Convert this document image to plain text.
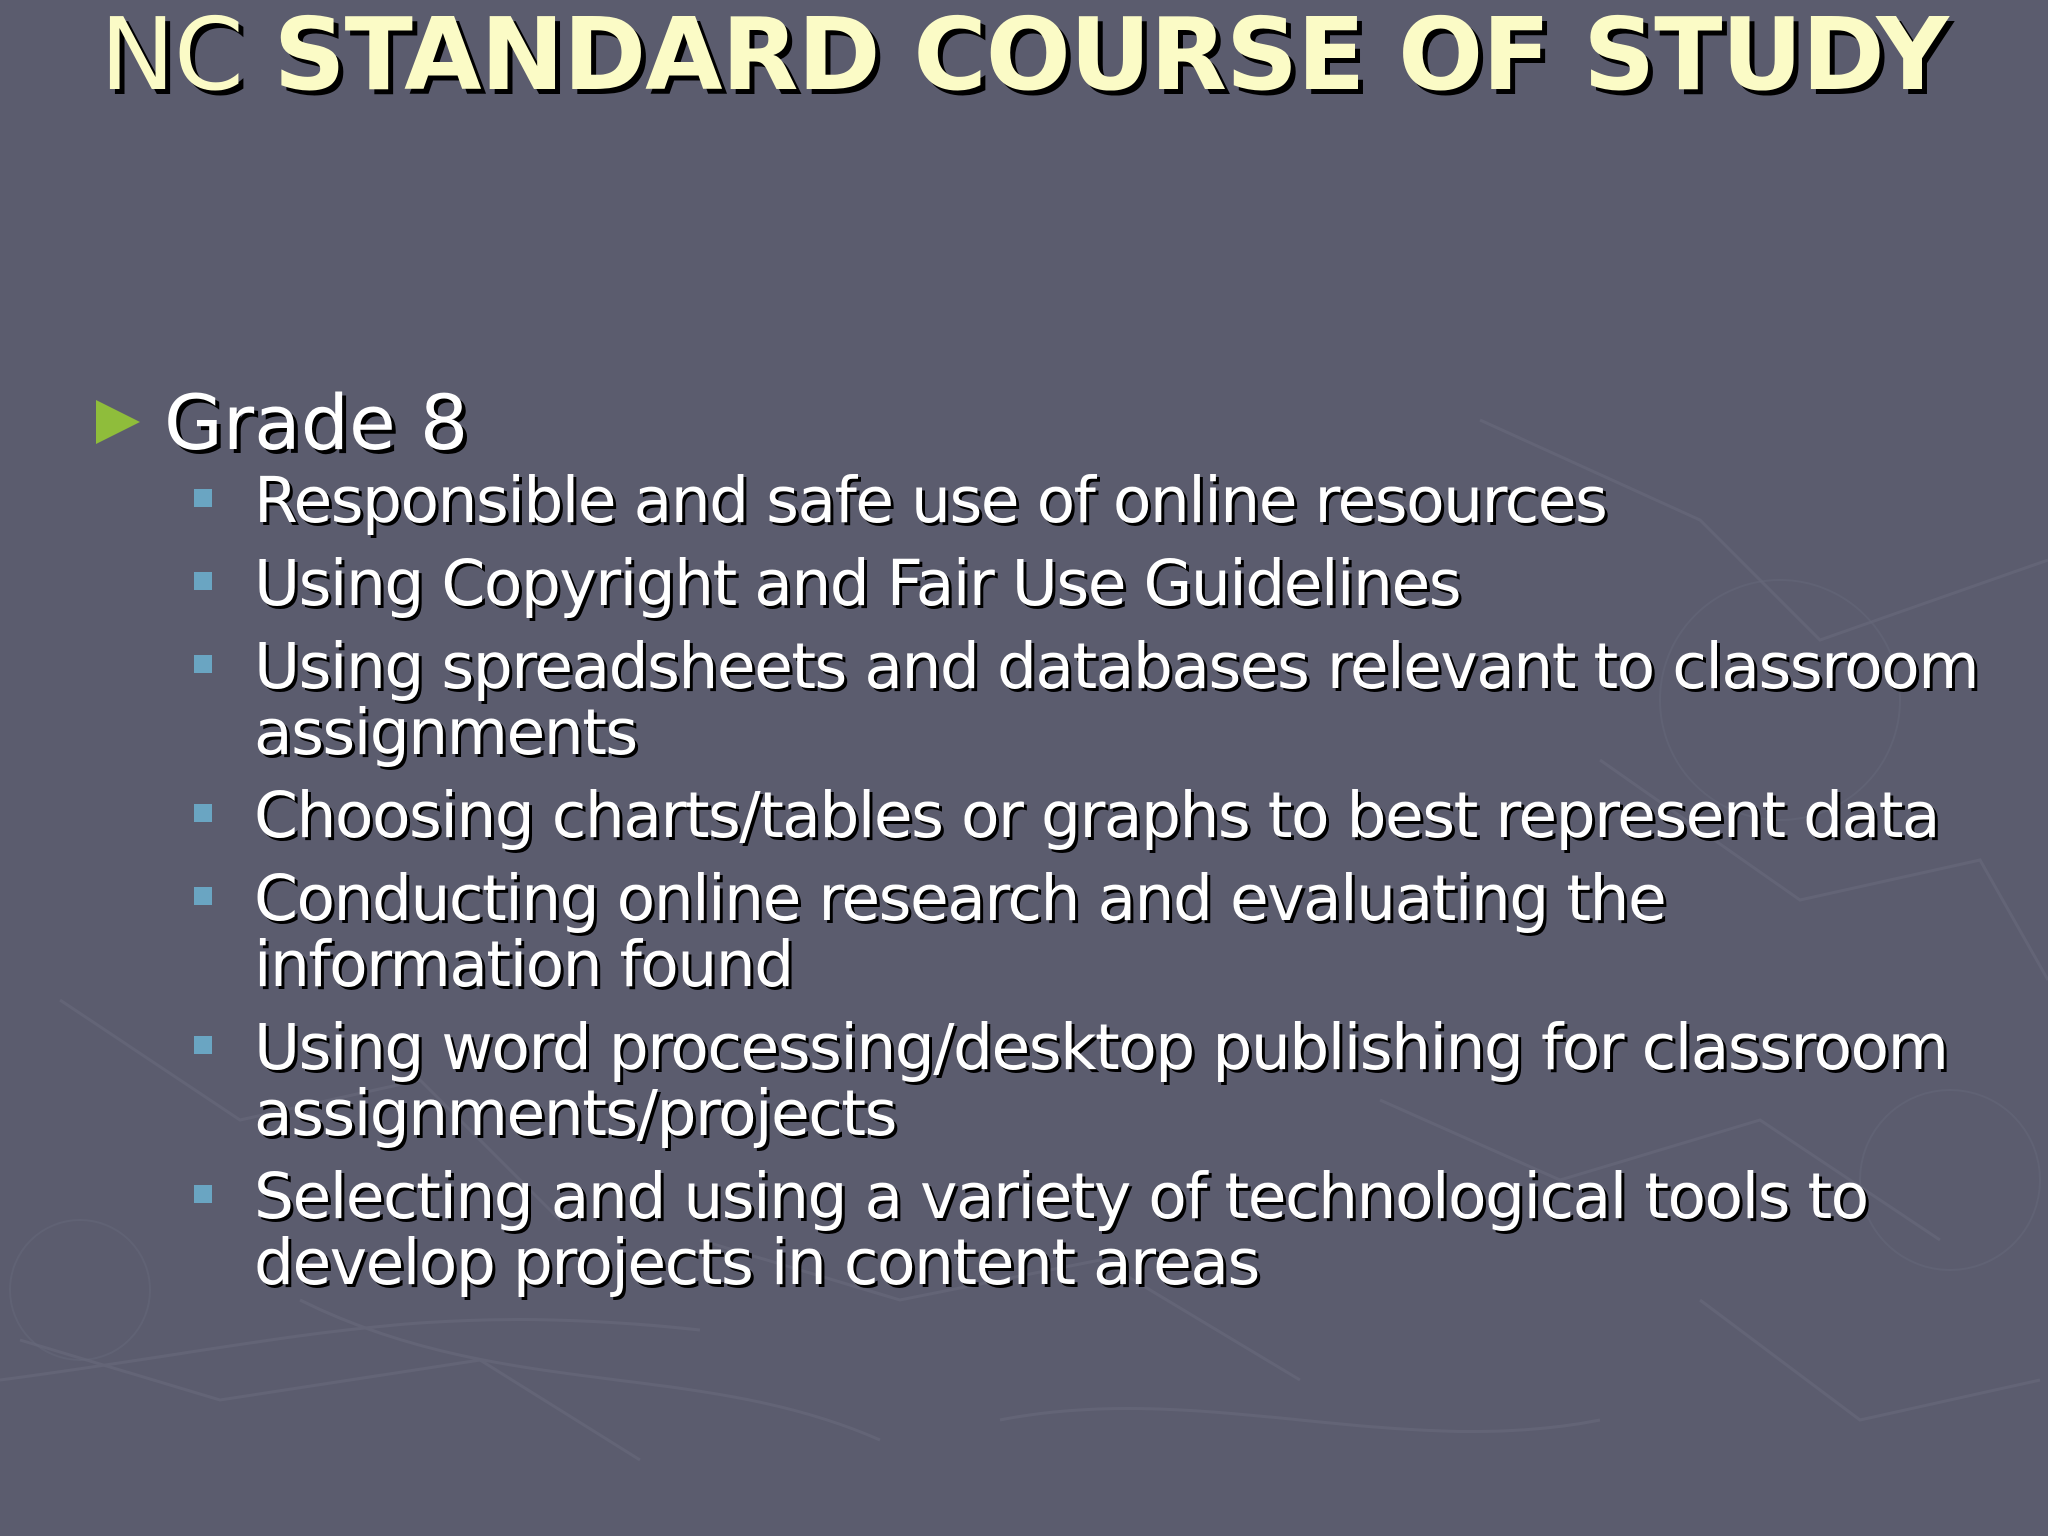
NC STANDARD COURSE OF STUDY
Grade 8
Responsible and safe use of online resources
Using Copyright and Fair Use Guidelines
Using spreadsheets and databases relevant to classroom assignments
Choosing charts/tables or graphs to best represent data
Conducting online research and evaluating the information found
Using word processing/desktop publishing for classroom assignments/projects
Selecting and using a variety of technological tools to develop projects in content areas
